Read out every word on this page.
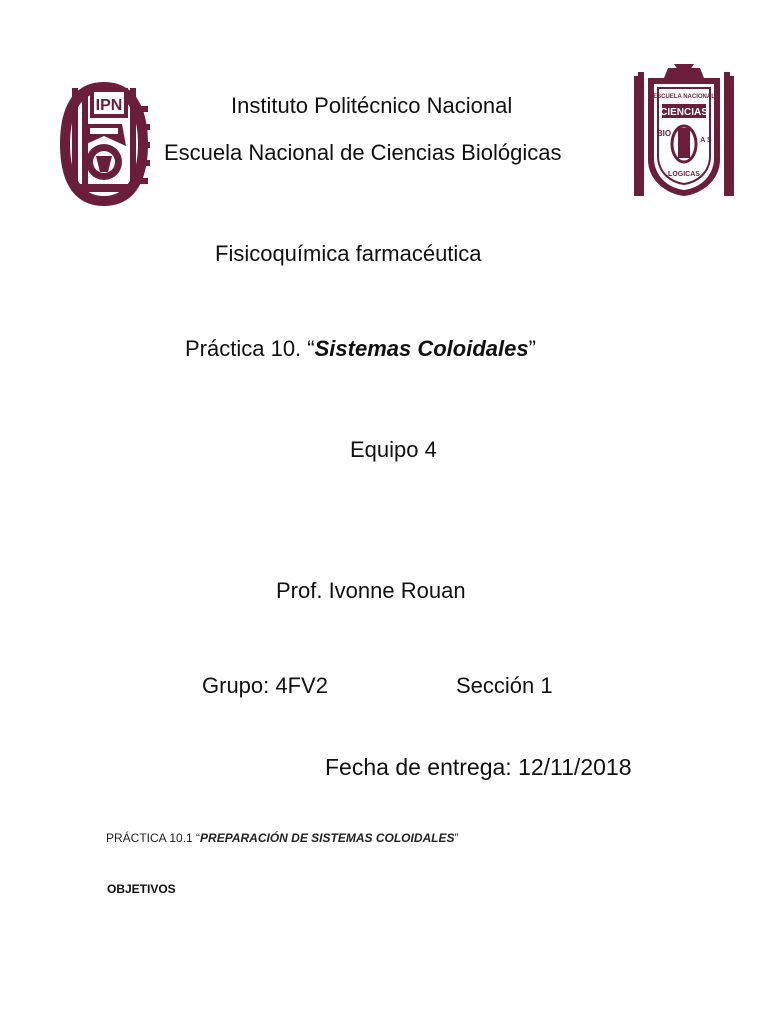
IPN	CIENCIAS
ESCUELA NACIONAL
BIO
A S
LOGICAS
Instituto Politécnico Nacional
Escuela Nacional de Ciencias Biológicas
Fisicoquímica farmacéutica
Práctica 10. “Sistemas Coloidales”
Equipo 4
Prof. Ivonne Rouan
Grupo: 4FV2	Sección 1
Fecha de entrega: 12/11/2018
PRÁCTICA 10.1 “PREPARACIÓN DE SISTEMAS COLOIDALES”
OBJETIVOS
